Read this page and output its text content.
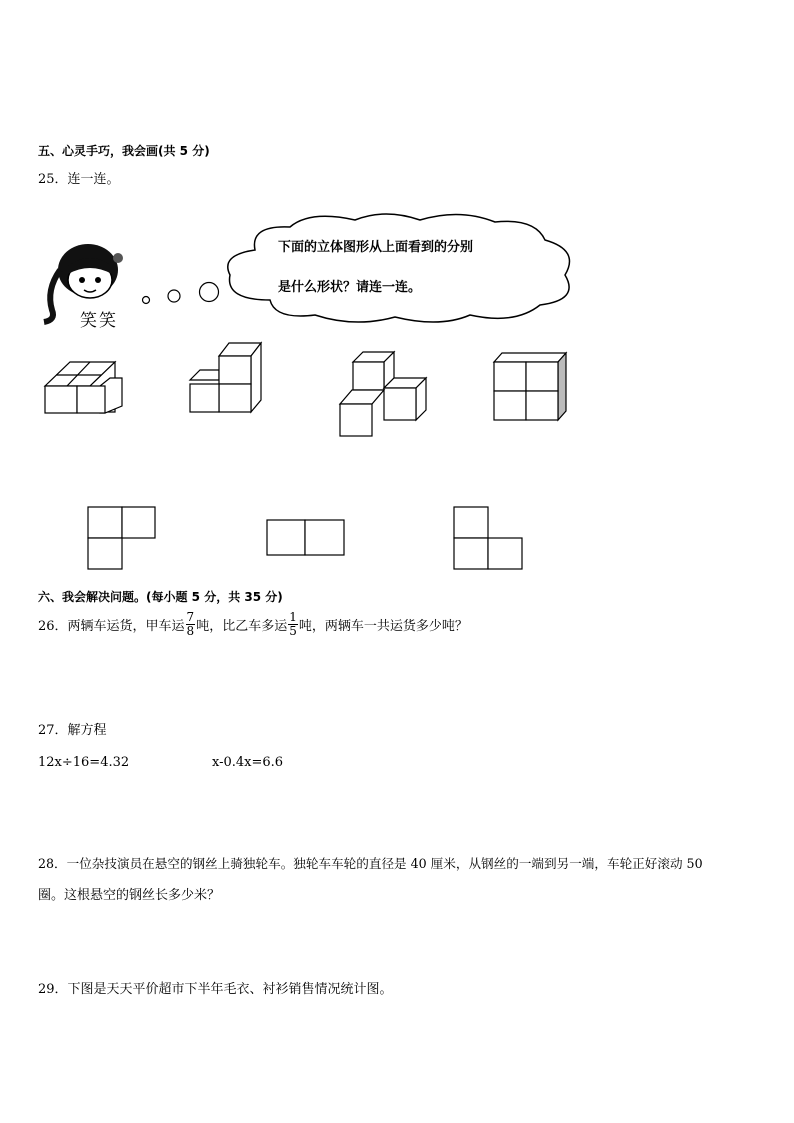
五、心灵手巧，我会画(共 5 分)
25．连一连。
笑笑
下面的立体图形从上面看到的分别
是什么形状？请连一连。
六、我会解决问题。(每小题 5 分，共 35 分)
26．两辆车运货，甲车运 $\frac{7}{8}$ 吨，比乙车多运 $\frac{1}{5}$ 吨，两辆车一共运货多少吨？
27．解方程
12x÷16=4.32	x-0.4x=6.6
28．一位杂技演员在悬空的钢丝上骑独轮车。独轮车车轮的直径是 40 厘米，从钢丝的一端到另一端，车轮正好滚动 50
圈。这根悬空的钢丝长多少米？
29．下图是天天平价超市下半年毛衣、衬衫销售情况统计图。
